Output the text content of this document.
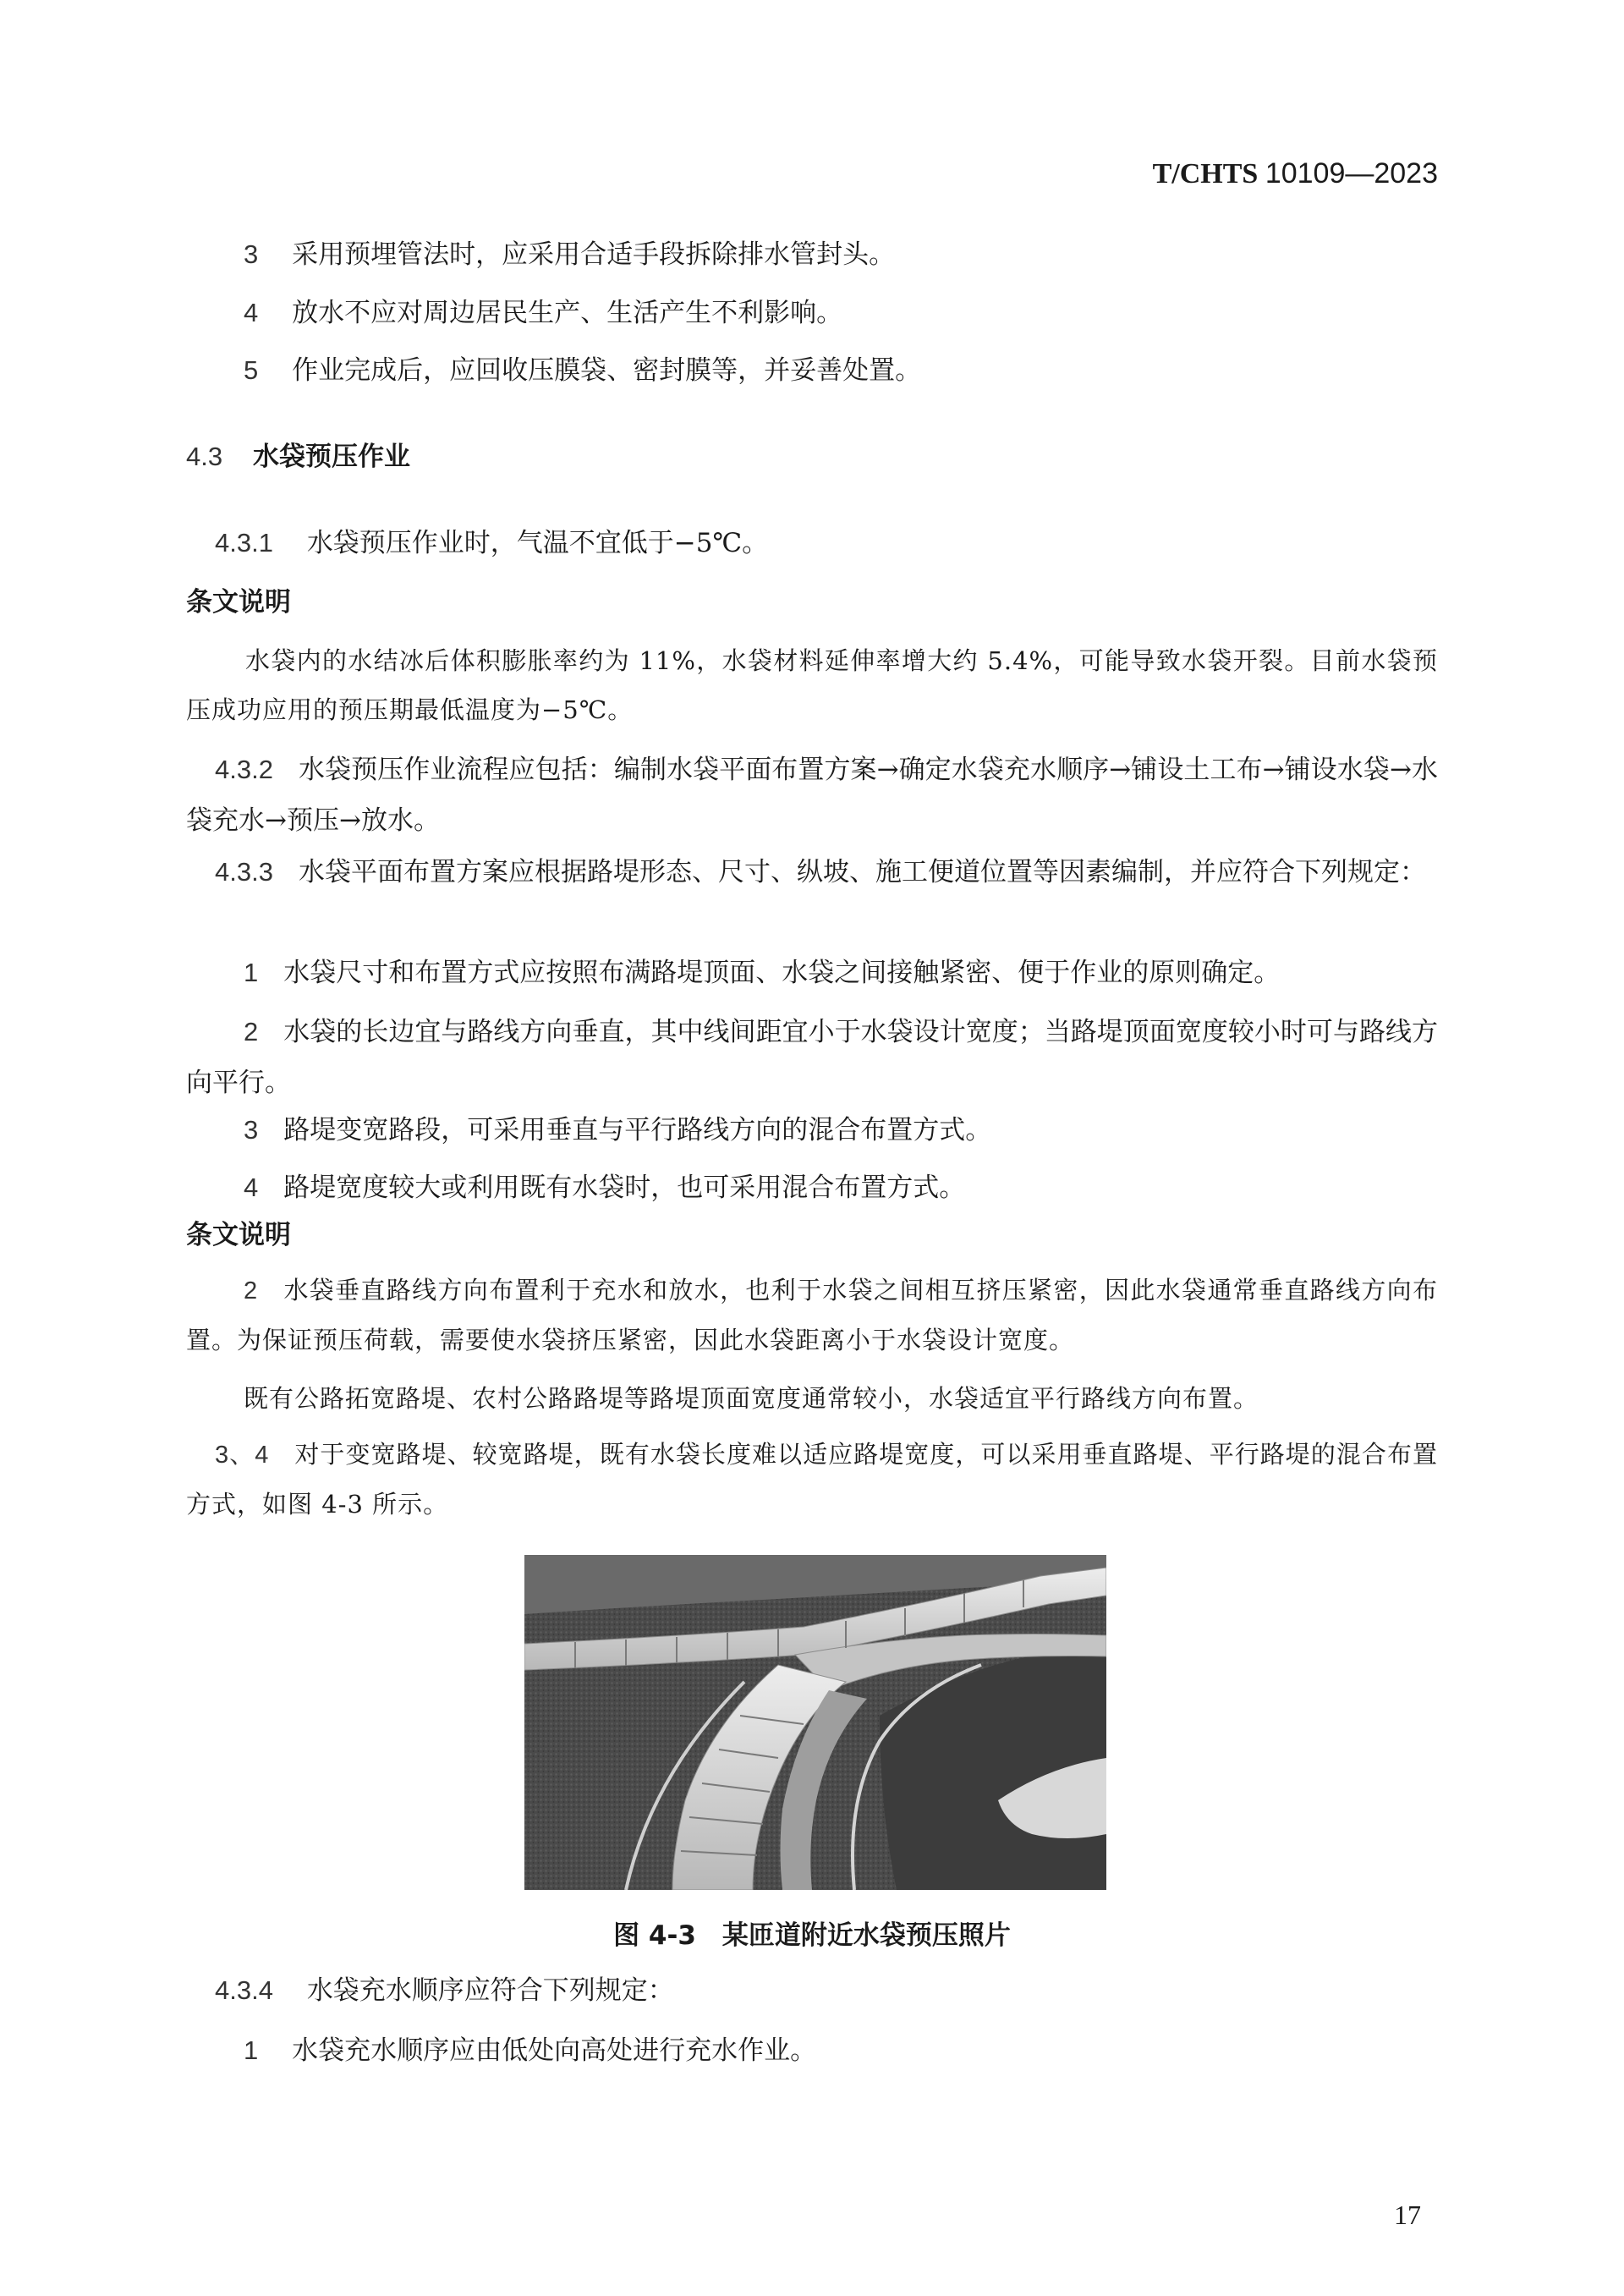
T/CHTS 10109—2023
3 采用预埋管法时，应采用合适手段拆除排水管封头。
4 放水不应对周边居民生产、生活产生不利影响。
5 作业完成后，应回收压膜袋、密封膜等，并妥善处置。
4.3 水袋预压作业
4.3.1 水袋预压作业时，气温不宜低于−5℃。
条文说明
水袋内的水结冰后体积膨胀率约为 11%，水袋材料延伸率增大约 5.4%，可能导致水袋开裂。目前水袋预压成功应用的预压期最低温度为−5℃。
4.3.2 水袋预压作业流程应包括：编制水袋平面布置方案→确定水袋充水顺序→铺设土工布→铺设水袋→水袋充水→预压→放水。
4.3.3 水袋平面布置方案应根据路堤形态、尺寸、纵坡、施工便道位置等因素编制，并应符合下列规定：
1 水袋尺寸和布置方式应按照布满路堤顶面、水袋之间接触紧密、便于作业的原则确定。
2 水袋的长边宜与路线方向垂直，其中线间距宜小于水袋设计宽度；当路堤顶面宽度较小时可与路线方向平行。
3 路堤变宽路段，可采用垂直与平行路线方向的混合布置方式。
4 路堤宽度较大或利用既有水袋时，也可采用混合布置方式。
条文说明
2 水袋垂直路线方向布置利于充水和放水，也利于水袋之间相互挤压紧密，因此水袋通常垂直路线方向布置。为保证预压荷载，需要使水袋挤压紧密，因此水袋距离小于水袋设计宽度。
既有公路拓宽路堤、农村公路路堤等路堤顶面宽度通常较小，水袋适宜平行路线方向布置。
3、4 对于变宽路堤、较宽路堤，既有水袋长度难以适应路堤宽度，可以采用垂直路堤、平行路堤的混合布置方式，如图 4-3 所示。
图 4-3　某匝道附近水袋预压照片
4.3.4 水袋充水顺序应符合下列规定：
1 水袋充水顺序应由低处向高处进行充水作业。
17
